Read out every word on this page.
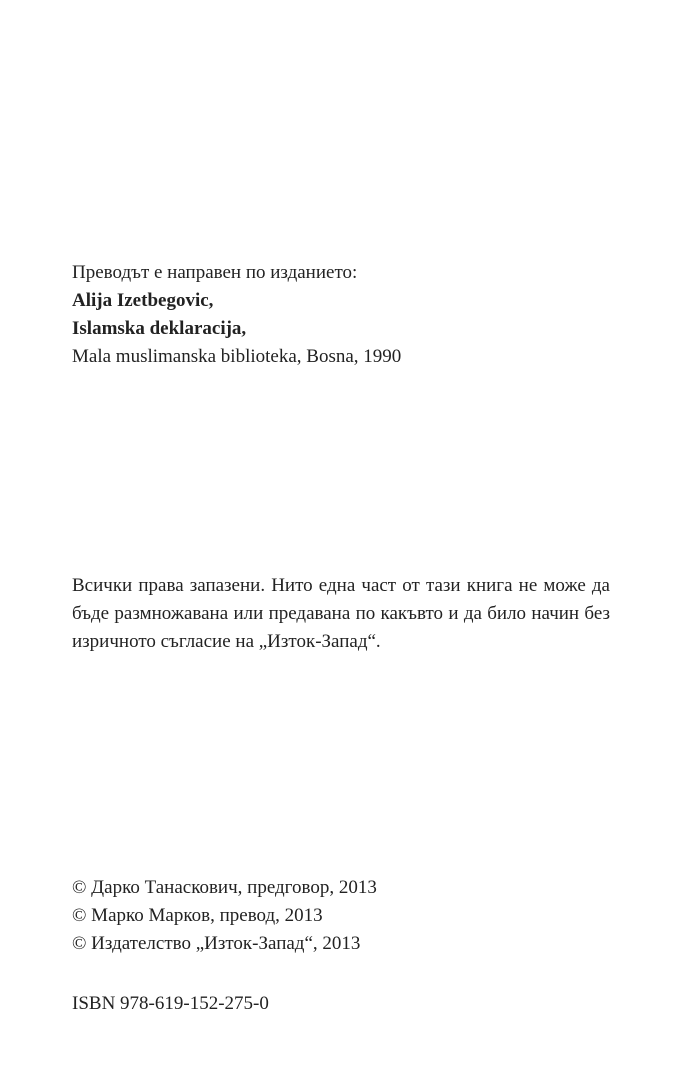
Преводът е направен по изданието:
Alija Izetbegovic,
Islamska deklaracija,
Mala muslimanska biblioteka, Bosna, 1990
Всички права запазени. Нито една част от тази книга не може да бъде размножавана или предавана по какъвто и да било начин без изричното съгласие на „Изток-Запад“.
© Дарко Танаскович, предговор, 2013
© Марко Марков, превод, 2013
© Издателство „Изток-Запад“, 2013
ISBN 978-619-152-275-0
